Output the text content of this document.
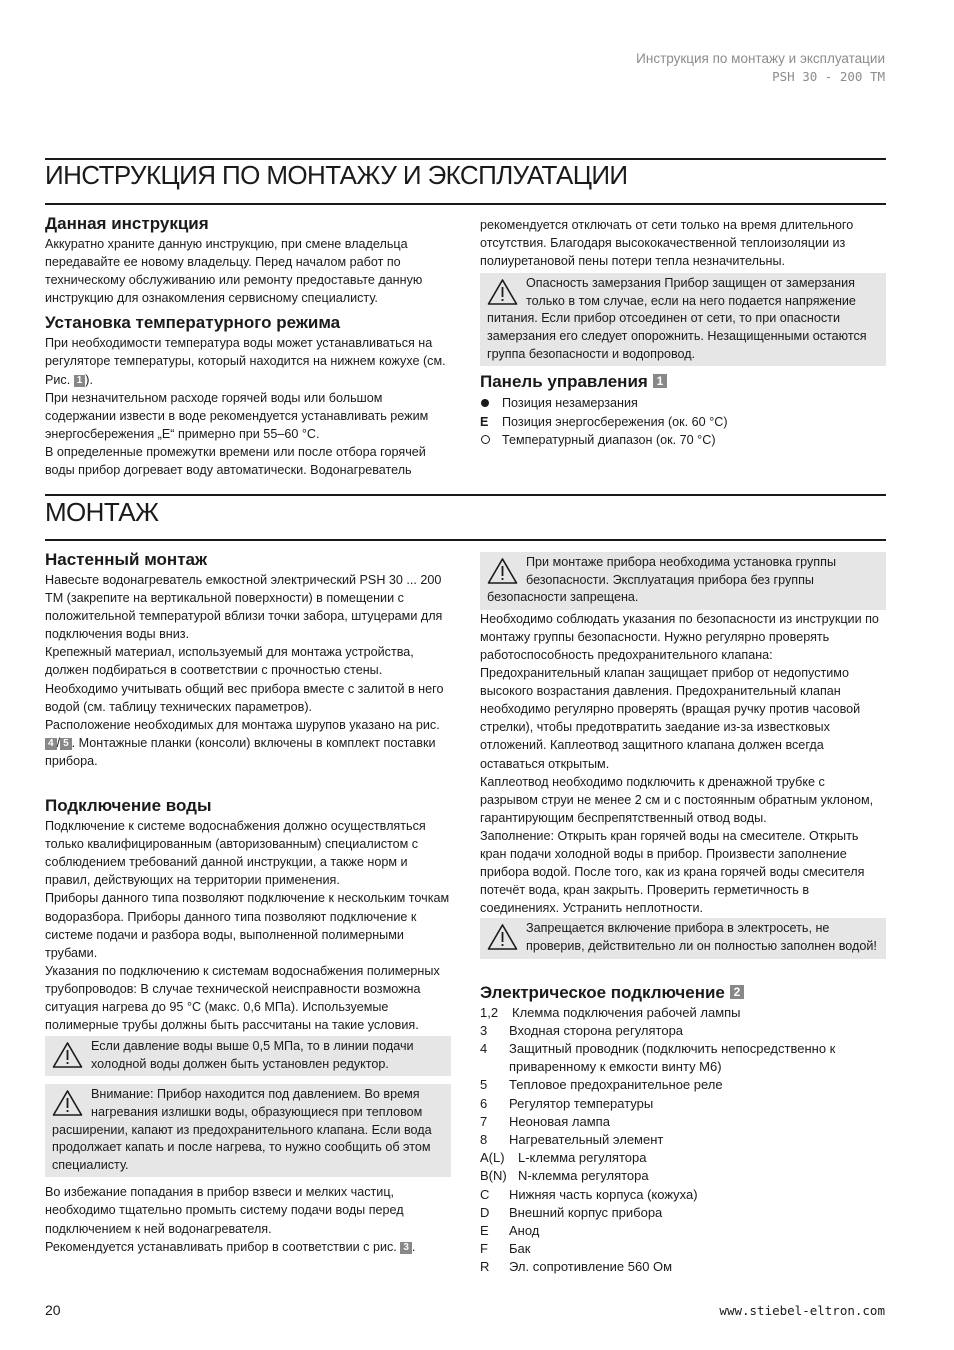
Инструкция по монтажу и эксплуатации
PSH 30 - 200 TM
ИНСТРУКЦИЯ ПО МОНТАЖУ И ЭКСПЛУАТАЦИИ
Данная инструкция

Аккуратно храните данную инструкцию, при смене владельца передавайте ее новому владельцу. Перед началом работ по техническому обслуживанию или ремонту предоставьте данную инструкцию для ознакомления сервисному специалисту.

Установка температурного режима

При необходимости температура воды может устанавливаться на регуляторе температуры, который находится на нижнем кожухе (см. Рис. 1 ).

При незначительном расходе горячей воды или большом содержании извести в воде рекомендуется устанавливать режим энергосбережения „E“ примерно при 55–60 °C.

В определенные промежутки времени или после отбора горячей воды прибор догревает воду автоматически. Водонагреватель

рекомендуется отключать от сети только на время длительного отсутствия. Благодаря высококачественной теплоизоляции из полиуретановой пены потери тепла незначительны.

Опасность замерзания Прибор защищен от замерзания только в том случае, если на него подается напряжение питания. Если прибор отсоединен от сети, то при опасности замерзания его следует опорожнить. Незащищенными остаются группа безопасности и водопровод.
Панель управления 1
Позиция незамерзания
E	Позиция энергосбережения (ок. 60 °C)
Температурный диапазон (ок. 70 °C)
МОНТАЖ
Настенный монтаж

Навесьте водонагреватель емкостной электрический PSH 30 ... 200 TM (закрепите на вертикальной поверхности) в помещении с положительной температурой вблизи точки забора, штуцерами для подключения воды вниз.

Крепежный материал, используемый для монтажа устройства, должен подбираться в соответствии с прочностью стены. Необходимо учитывать общий вес прибора вместе с залитой в него водой (см. таблицу технических параметров).

Расположение необходимых для монтажа шурупов указано на рис. 4 / 5 . Монтажные планки (консоли) включены в комплект поставки прибора.

Подключение воды

Подключение к системе водоснабжения должно осуществляться только квалифицированным (авторизованным) специалистом с соблюдением требований данной инструкции, а также норм и правил, действующих на территории применения.

Приборы данного типа позволяют подключение к нескольким точкам водоразбора. Приборы данного типа позволяют подключение к системе подачи и разбора воды, выполненной полимерными трубами.

Указания по подключению к системам водоснабжения полимерных трубопроводов: В случае технической неисправности возможна ситуация нагрева до 95 °C (макс. 0,6 МПа). Используемые полимерные трубы должны быть рассчитаны на такие условия.

Если давление воды выше 0,5 МПа, то в линии подачи холодной воды должен быть установлен редуктор.
Внимание: Прибор находится под давлением. Во время нагревания излишки воды, образующиеся при тепловом расширении, капают из предохранительного клапана. Если вода продолжает капать и после нагрева, то нужно сообщить об этом специалисту.

Во избежание попадания в прибор взвеси и мелких частиц, необходимо тщательно промыть систему подачи воды перед подключением к ней водонагревателя.

Рекомендуется устанавливать прибор в соответствии с рис. 3 .

При монтаже прибора необходима установка группы безопасности. Эксплуатация прибора без группы безопасности запрещена.

Необходимо соблюдать указания по безопасности из инструкции по монтажу группы безопасности. Нужно регулярно проверять работоспособность предохранительного клапана: Предохранительный клапан защищает прибор от недопустимо высокого возрастания давления. Предохранительный клапан необходимо регулярно проверять (вращая ручку против часовой стрелки), чтобы предотвратить заедание из-за известковых отложений. Каплеотвод защитного клапана должен всегда оставаться открытым.

Каплеотвод необходимо подключить к дренажной трубке с разрывом струи не менее 2 см и с постоянным обратным уклоном, гарантирующим беспрепятственный отвод воды.

Заполнение: Открыть кран горячей воды на смесителе. Открыть кран подачи холодной воды в прибор. Произвести заполнение прибора водой. После того, как из крана горячей воды смесителя потечёт вода, кран закрыть. Проверить герметичность в соединениях. Устранить неплотности.

Запрещается включение прибора в электросеть, не проверив, действительно ли он полностью заполнен водой!
Электрическое подключение 2
1,2	Клемма подключения рабочей лампы
3	Входная сторона регулятора
4	Защитный проводник (подключить непосредственно к приваренному к емкости винту М6)
5	Тепловое предохранительное реле
6	Регулятор температуры
7	Неоновая лампа
8	Нагревательный элемент
A(L)	L-клемма регулятора
B(N) N-клемма регулятора
C	Нижняя часть корпуса (кожуха)
D	Внешний корпус прибора
E	Анод
F	Бак
R	Эл. сопротивление 560 Ом
20	www.stiebel-eltron.com
